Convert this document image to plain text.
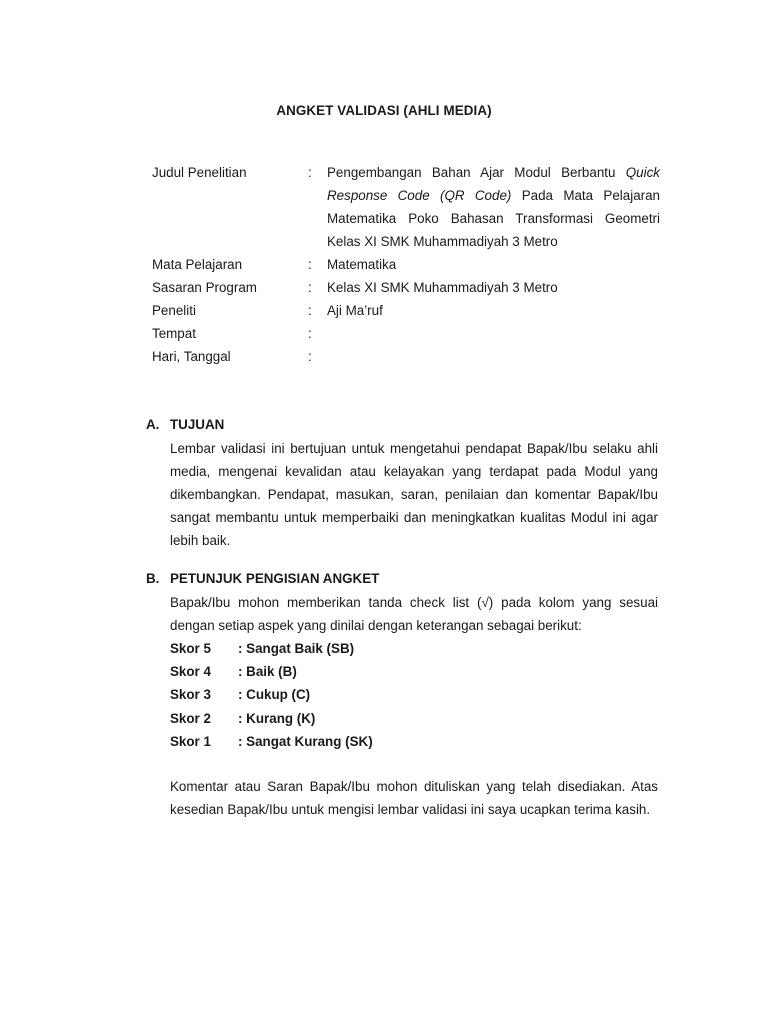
ANGKET VALIDASI (AHLI MEDIA)
Judul Penelitian	:	Pengembangan Bahan Ajar Modul Berbantu Quick Response Code (QR Code) Pada Mata Pelajaran Matematika Poko Bahasan Transformasi Geometri Kelas XI SMK Muhammadiyah 3 Metro
Mata Pelajaran	:	Matematika
Sasaran Program	:	Kelas XI SMK Muhammadiyah 3 Metro
Peneliti	:	Aji Ma’ruf
Tempat	:
Hari, Tanggal	:
A. TUJUAN

Lembar validasi ini bertujuan untuk mengetahui pendapat Bapak/Ibu selaku ahli media, mengenai kevalidan atau kelayakan yang terdapat pada Modul yang dikembangkan. Pendapat, masukan, saran, penilaian dan komentar Bapak/Ibu sangat membantu untuk memperbaiki dan meningkatkan kualitas Modul ini agar lebih baik.

B. PETUNJUK PENGISIAN ANGKET

Bapak/Ibu mohon memberikan tanda check list (√) pada kolom yang sesuai dengan setiap aspek yang dinilai dengan keterangan sebagai berikut:

Skor 5	: Sangat Baik (SB)
Skor 4	: Baik (B)
Skor 3	: Cukup (C)
Skor 2	: Kurang (K)
Skor 1	: Sangat Kurang (SK)

Komentar atau Saran Bapak/Ibu mohon dituliskan yang telah disediakan. Atas kesedian Bapak/Ibu untuk mengisi lembar validasi ini saya ucapkan terima kasih.
